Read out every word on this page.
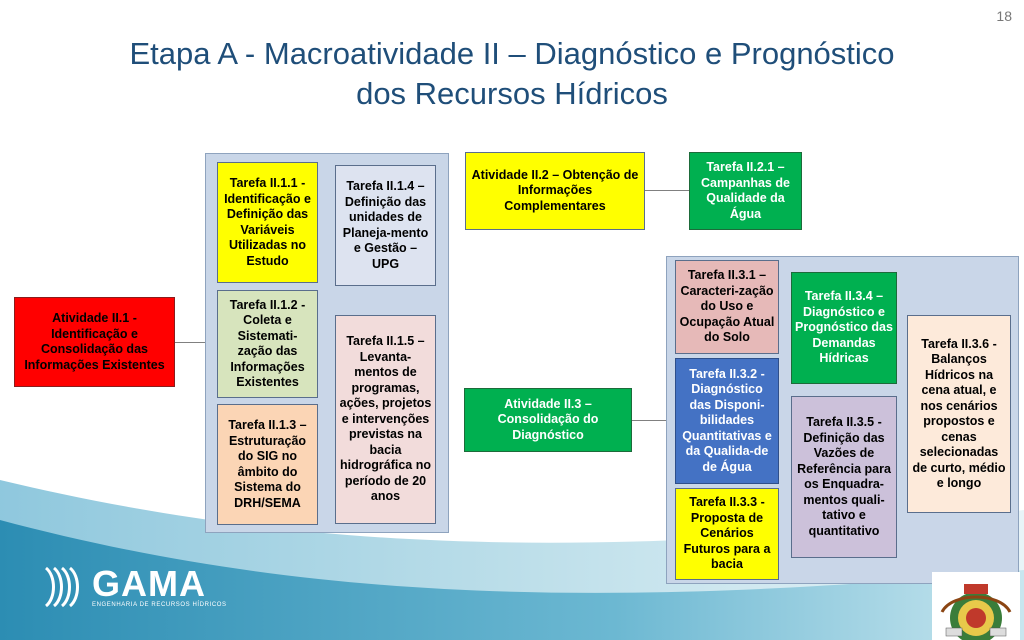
18
Etapa A - Macroatividade II – Diagnóstico e Prognóstico
dos Recursos Hídricos
Atividade II.1 - Identificação e Consolidação das Informações Existentes
Tarefa II.1.1 - Identificação e Definição das Variáveis Utilizadas no Estudo
Tarefa II.1.2 - Coleta e Sistemati-zação das Informações Existentes
Tarefa II.1.3 – Estruturação do SIG no âmbito do Sistema do DRH/SEMA
Tarefa II.1.4 – Definição das unidades de Planeja-mento e Gestão – UPG
Tarefa II.1.5 – Levanta-mentos de programas, ações, projetos e intervenções previstas na bacia hidrográfica no período de 20 anos
Atividade II.2 – Obtenção de Informações Complementares
Tarefa II.2.1 – Campanhas de Qualidade da Água
Atividade II.3 – Consolidação do Diagnóstico
Tarefa II.3.1 – Caracteri-zação do Uso e Ocupação Atual do Solo
Tarefa II.3.2 - Diagnóstico das Disponi-bilidades Quantitativas e da Qualida-de de Água
Tarefa II.3.3 - Proposta de Cenários Futuros para a bacia
Tarefa II.3.4 – Diagnóstico e Prognóstico das Demandas Hídricas
Tarefa II.3.5 - Definição das Vazões de Referência para os Enquadra-mentos quali-tativo e quantitativo
Tarefa II.3.6 - Balanços Hídricos na cena atual, e nos cenários propostos e cenas selecionadas de curto, médio e longo
GAMA
ENGENHARIA DE RECURSOS HÍDRICOS
